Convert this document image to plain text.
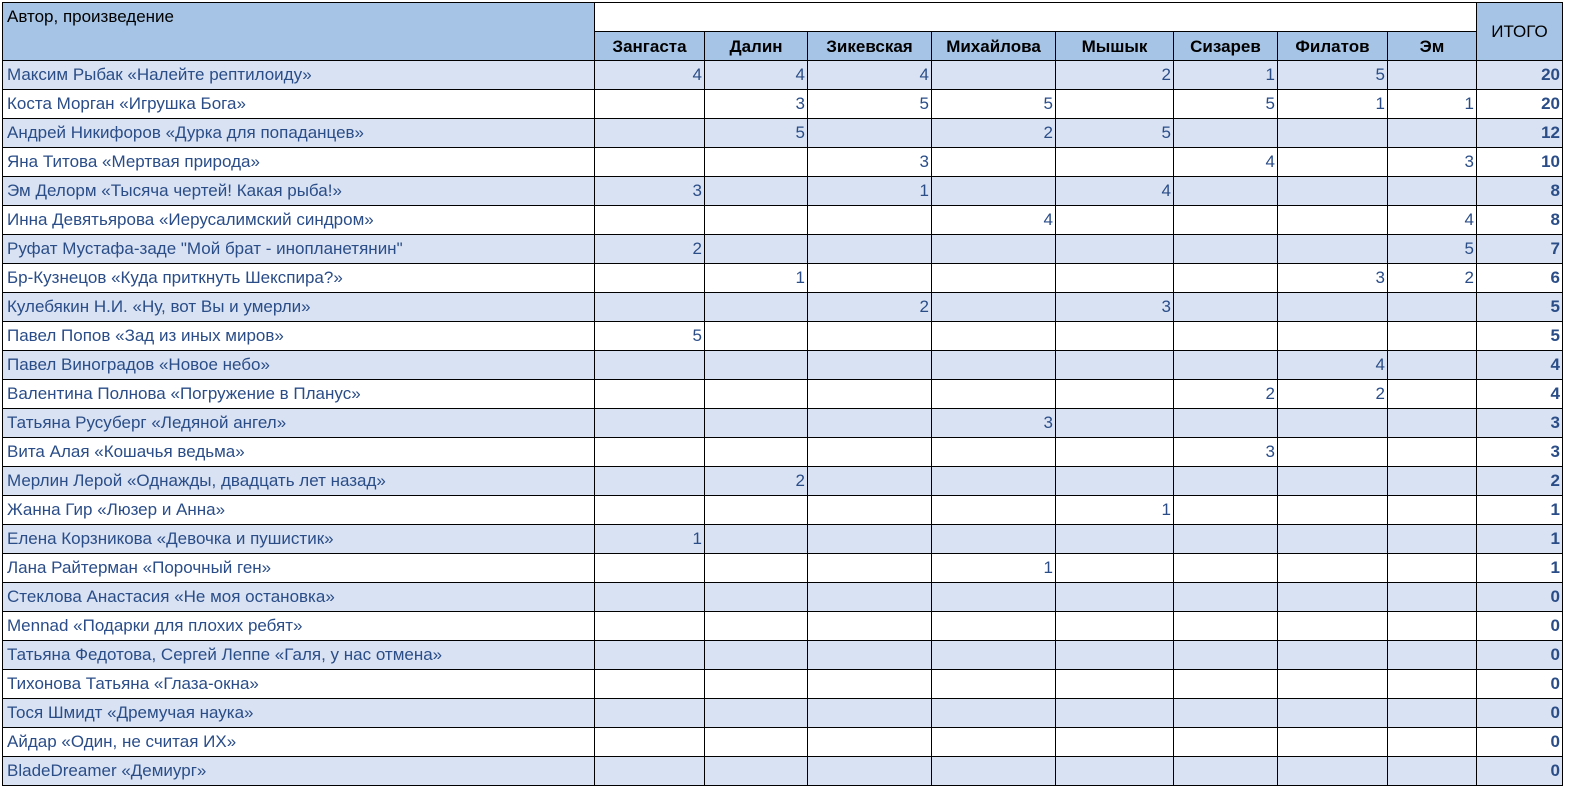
Автор, произведение									ИТОГО
	Зангаста	Далин	Зикевская	Михайлова	Мышык	Сизарев	Филатов	Эм	
Максим Рыбак «Налейте рептилоиду»	4	4	4		2	1	5		20
Коста Морган «Игрушка Бога»		3	5	5		5	1	1	20
Андрей Никифоров «Дурка для попаданцев»		5		2	5				12
Яна Титова «Мертвая природа»			3			4		3	10
Эм Делорм «Тысяча чертей! Какая рыба!»	3		1		4				8
Инна Девятьярова «Иерусалимский синдром»				4				4	8
Руфат Мустафа-заде "Мой брат - инопланетянин"	2							5	7
Бр-Кузнецов «Куда приткнуть Шекспира?»		1					3	2	6
Кулебякин Н.И. «Ну, вот Вы и умерли»			2		3				5
Павел Попов «Зад из иных миров»	5								5
Павел Виноградов «Новое небо»							4		4
Валентина Полнова «Погружение в Планус»						2	2		4
Татьяна Русуберг «Ледяной ангел»				3					3
Вита Алая «Кошачья ведьма»						3			3
Мерлин Лерой «Однажды, двадцать лет назад»		2							2
Жанна Гир «Люзер и Анна»					1				1
Елена Корзникова «Девочка и пушистик»	1								1
Лана Райтерман «Порочный ген»				1					1
Стеклова Анастасия «Не моя остановка»									0
Mennad «Подарки для плохих ребят»									0
Татьяна Федотова, Сергей Леппе «Галя, у нас отмена»									0
Тихонова Татьяна «Глаза-окна»									0
Тося Шмидт «Дремучая наука»									0
Айдар «Один, не считая ИХ»									0
BladeDreamer «Демиург»									0
